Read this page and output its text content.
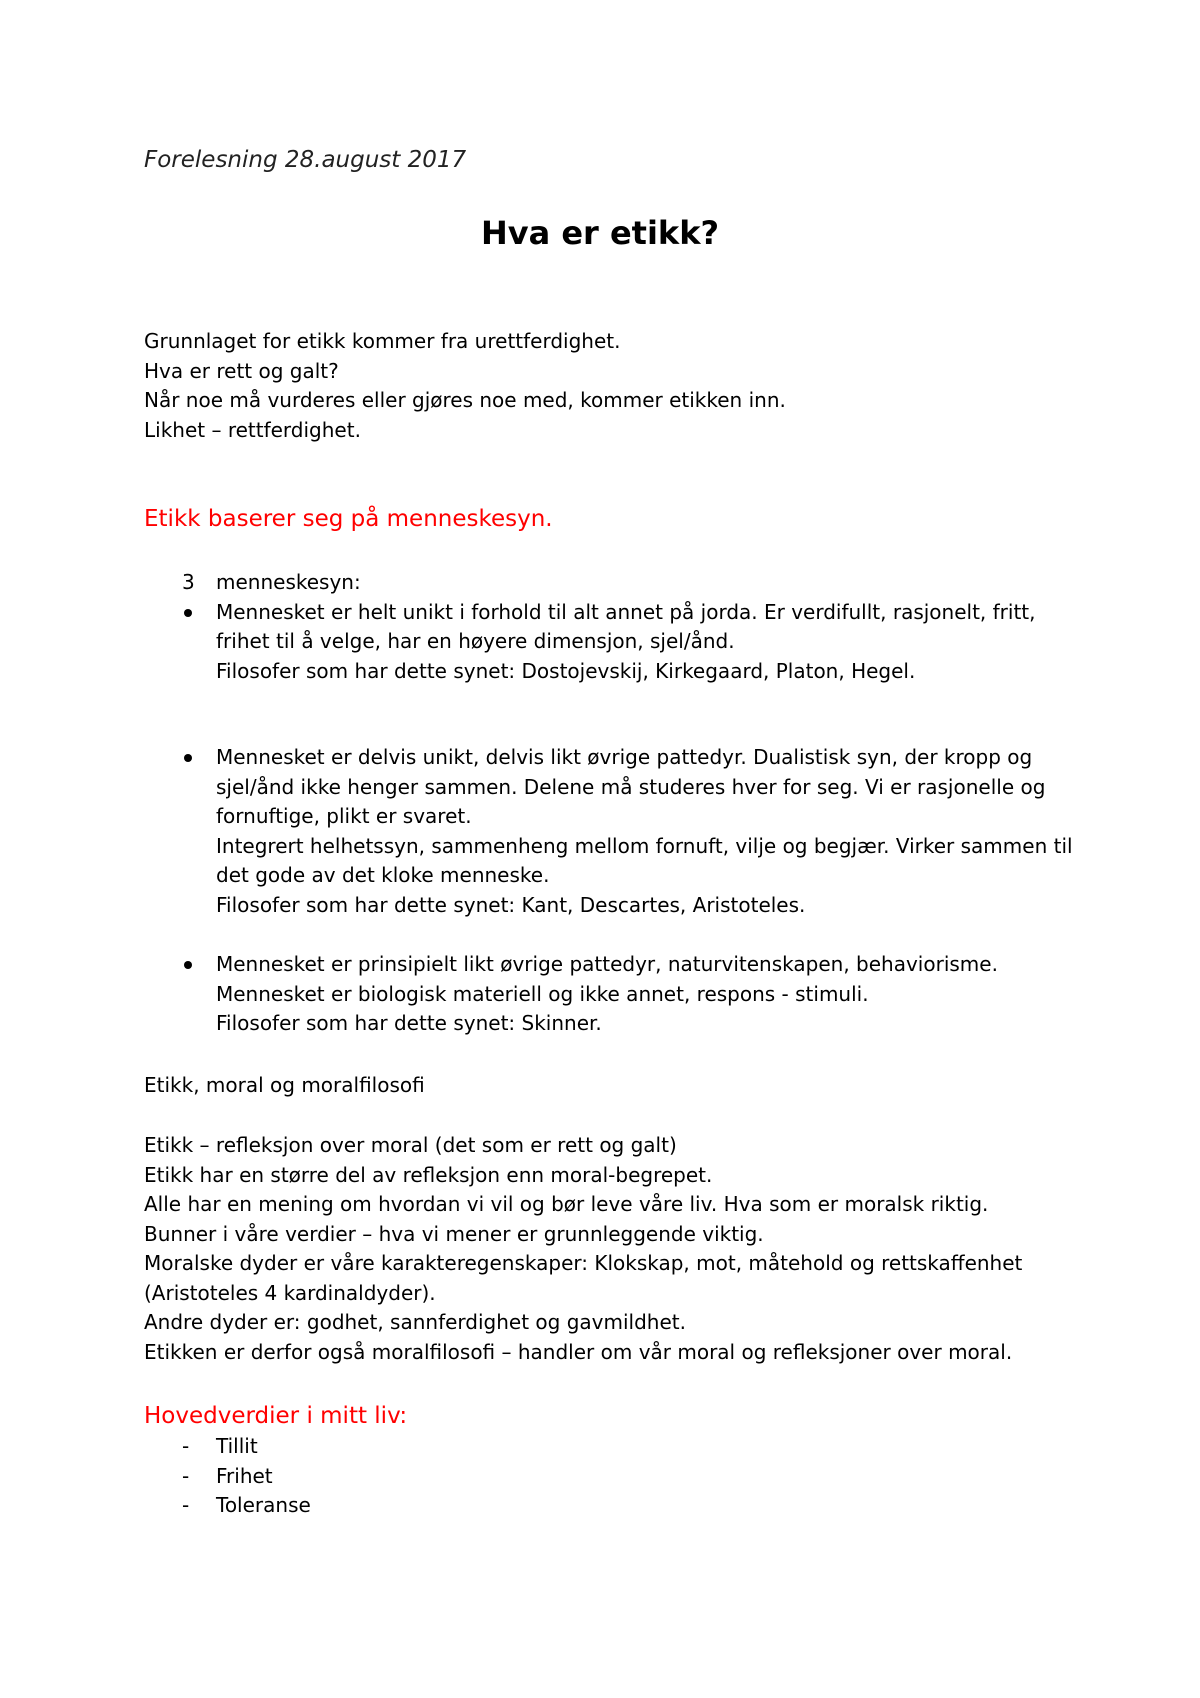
Forelesning 28.august 2017
Hva er etikk?

Grunnlaget for etikk kommer fra urettferdighet.

Hva er rett og galt?

Når noe må vurderes eller gjøres noe med, kommer etikken inn.

Likhet – rettferdighet.

Etikk baserer seg på menneskesyn.
3 menneskesyn:

Mennesket er helt unikt i forhold til alt annet på jorda. Er verdifullt, rasjonelt, fritt,

frihet til å velge, har en høyere dimensjon, sjel/ånd.

Filosofer som har dette synet: Dostojevskij, Kirkegaard, Platon, Hegel.

Mennesket er delvis unikt, delvis likt øvrige pattedyr. Dualistisk syn, der kropp og

sjel/ånd ikke henger sammen. Delene må studeres hver for seg. Vi er rasjonelle og

fornuftige, plikt er svaret.

Integrert helhetssyn, sammenheng mellom fornuft, vilje og begjær. Virker sammen til

det gode av det kloke menneske.

Filosofer som har dette synet: Kant, Descartes, Aristoteles.

Mennesket er prinsipielt likt øvrige pattedyr, naturvitenskapen, behaviorisme.

Mennesket er biologisk materiell og ikke annet, respons - stimuli.

Filosofer som har dette synet: Skinner.

Etikk, moral og moralfilosofi

Etikk – refleksjon over moral (det som er rett og galt)

Etikk har en større del av refleksjon enn moral-begrepet.

Alle har en mening om hvordan vi vil og bør leve våre liv. Hva som er moralsk riktig.

Bunner i våre verdier – hva vi mener er grunnleggende viktig.

Moralske dyder er våre karakteregenskaper: Klokskap, mot, måtehold og rettskaffenhet

(Aristoteles 4 kardinaldyder).

Andre dyder er: godhet, sannferdighet og gavmildhet.

Etikken er derfor også moralfilosofi – handler om vår moral og refleksjoner over moral.

Hovedverdier i mitt liv:
- Tillit

- Frihet

- Toleranse
